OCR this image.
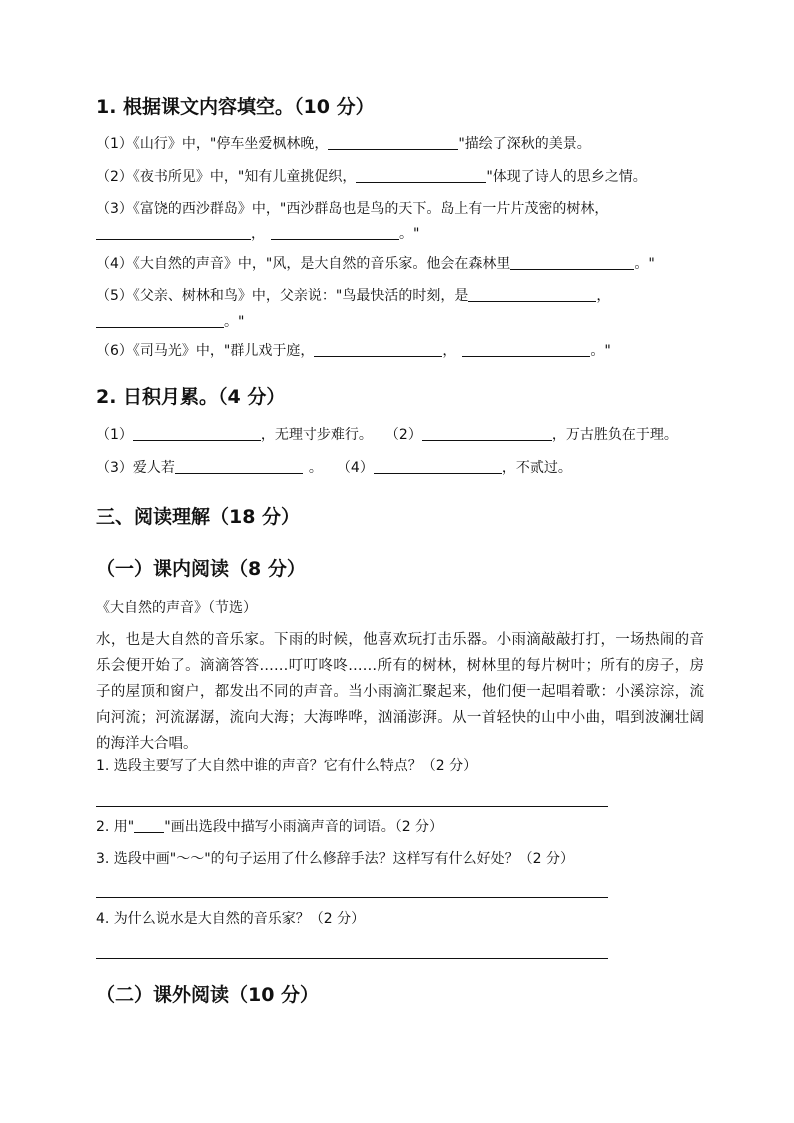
1. 根据课文内容填空。（10 分）
（1）《山行》中，"停车坐爱枫林晚，	"描绘了深秋的美景。
（2）《夜书所见》中，"知有儿童挑促织，	"体现了诗人的思乡之情。
（3）《富饶的西沙群岛》中，"西沙群岛也是鸟的天下。岛上有一片片茂密的树林，
，	。"
（4）《大自然的声音》中，"风，是大自然的音乐家。他会在森林里	。"
（5）《父亲、树林和鸟》中，父亲说："鸟最快活的时刻，是	，
。"
（6）《司马光》中，"群儿戏于庭，	，	。"
2. 日积月累。（4 分）
（1）	，无理寸步难行。 （2）	，万古胜负在于理。
（3）爱人若	。 （4）	，不贰过。
三、阅读理解（18 分）
（一）课内阅读（8 分）
《大自然的声音》（节选）
水，也是大自然的音乐家。下雨的时候，他喜欢玩打击乐器。小雨滴敲敲打打，一场热闹的音乐会便开始了。滴滴答答……叮叮咚咚……所有的树林，树林里的每片树叶；所有的房子，房子的屋顶和窗户，都发出不同的声音。当小雨滴汇聚起来，他们便一起唱着歌：小溪淙淙，流向河流；河流潺潺，流向大海；大海哗哗，汹涌澎湃。从一首轻快的山中小曲，唱到波澜壮阔的海洋大合唱。
1. 选段主要写了大自然中谁的声音？它有什么特点？（2 分）
2. 用" "画出选段中描写小雨滴声音的词语。（2 分）
3. 选段中画"～～"的句子运用了什么修辞手法？这样写有什么好处？（2 分）
4. 为什么说水是大自然的音乐家？（2 分）
（二）课外阅读（10 分）
